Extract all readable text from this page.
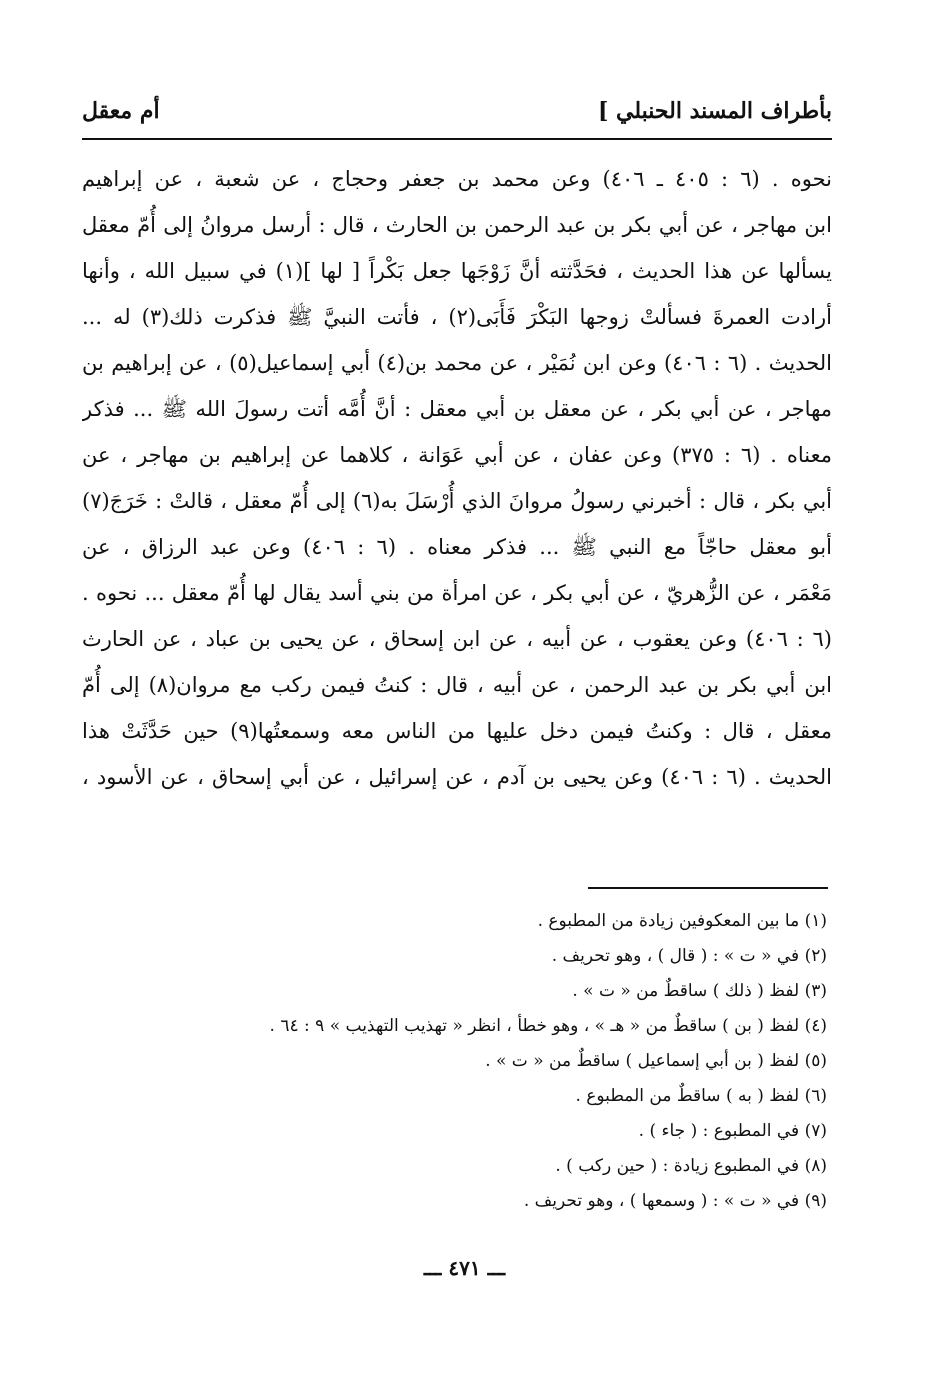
بأطراف المسند الحنبلي ]
أم معقل
نحوه . (٦ : ٤٠٥ ـ ٤٠٦) وعن محمد بن جعفر وحجاج ، عن شعبة ، عن إبراهيم
ابن مهاجر ، عن أبي بكر بن عبد الرحمن بن الحارث ، قال : أرسل مروانُ إلى أُمّ معقل
يسألها عن هذا الحديث ، فحَدَّثته أنَّ زَوْجَها جعل بَكْراً [ لها ](١) في سبيل الله ، وأنها
أرادت العمرةَ فسألتْ زوجها البَكْرَ فَأَبَى(٢) ، فأتت النبيَّ ﷺ فذكرت ذلك(٣) له ...
الحديث . (٦ : ٤٠٦) وعن ابن نُمَيْر ، عن محمد بن(٤) أبي إسماعيل(٥) ، عن إبراهيم بن
مهاجر ، عن أبي بكر ، عن معقل بن أبي معقل : أنَّ أُمَّه أتت رسولَ الله ﷺ ... فذكر
معناه . (٦ : ٣٧٥) وعن عفان ، عن أبي عَوَانة ، كلاهما عن إبراهيم بن مهاجر ، عن
أبي بكر ، قال : أخبرني رسولُ مروانَ الذي أُرْسَلَ به(٦) إلى أُمّ معقل ، قالتْ : خَرَجَ(٧)
أبو معقل حاجّاً مع النبي ﷺ ... فذكر معناه . (٦ : ٤٠٦) وعن عبد الرزاق ، عن
مَعْمَر ، عن الزُّهريّ ، عن أبي بكر ، عن امرأة من بني أسد يقال لها أُمّ معقل ... نحوه .
(٦ : ٤٠٦) وعن يعقوب ، عن أبيه ، عن ابن إسحاق ، عن يحيى بن عباد ، عن الحارث
ابن أبي بكر بن عبد الرحمن ، عن أبيه ، قال : كنتُ فيمن ركب مع مروان(٨) إلى أُمّ
معقل ، قال : وكنتُ فيمن دخل عليها من الناس معه وسمعتُها(٩) حين حَدَّثَتْ هذا
الحديث . (٦ : ٤٠٦) وعن يحيى بن آدم ، عن إسرائيل ، عن أبي إسحاق ، عن الأسود ،
(١) ما بين المعكوفين زيادة من المطبوع .
(٢) في « ت » : ( قال ) ، وهو تحريف .
(٣) لفظ ( ذلك ) ساقطٌ من « ت » .
(٤) لفظ ( بن ) ساقطٌ من « هـ » ، وهو خطأ ، انظر « تهذيب التهذيب » ٩ : ٦٤ .
(٥) لفظ ( بن أبي إسماعيل ) ساقطٌ من « ت » .
(٦) لفظ ( به ) ساقطٌ من المطبوع .
(٧) في المطبوع : ( جاء ) .
(٨) في المطبوع زيادة : ( حين ركب ) .
(٩) في « ت » : ( وسمعها ) ، وهو تحريف .
ـــ ٤٧١ ـــ
